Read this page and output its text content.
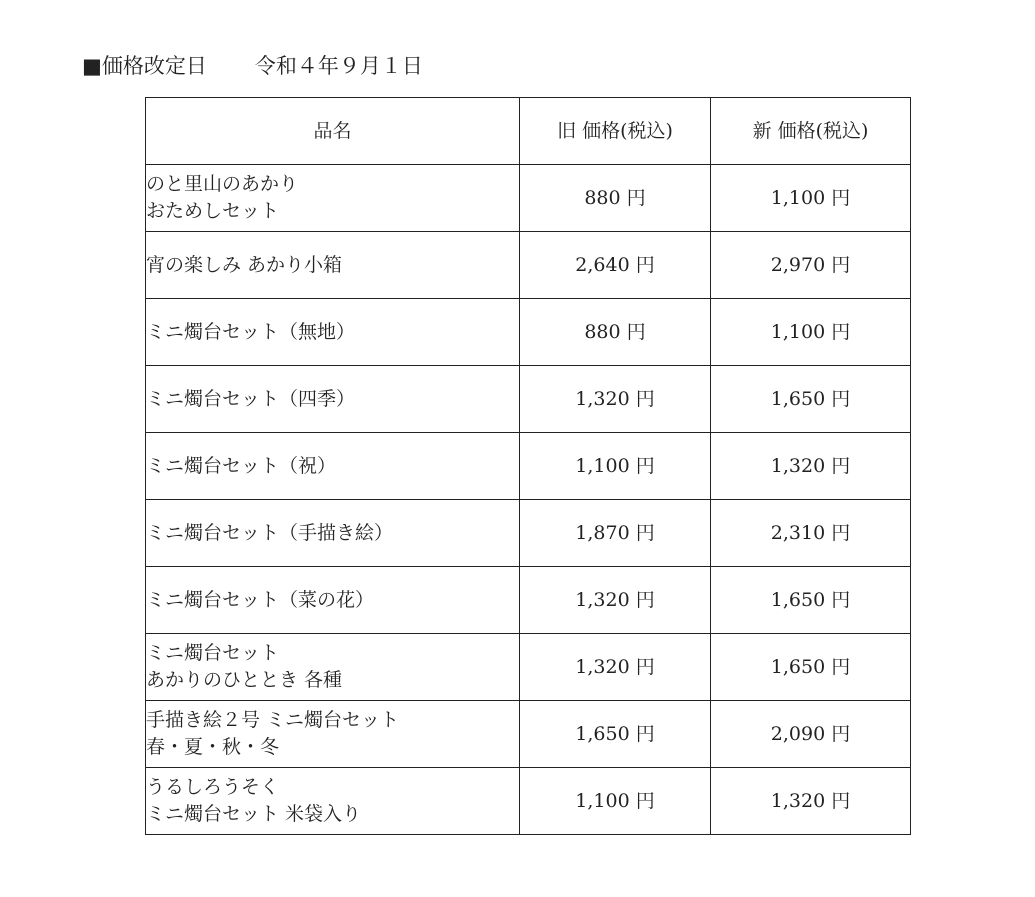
■価格改定日 令和４年９月１日
品名	旧 価格(税込)	新 価格(税込)

のと里山のあかり
おためしセット	880 円	1,100 円

宵の楽しみ あかり小箱	2,640 円	2,970 円

ミニ燭台セット（無地）	880 円	1,100 円

ミニ燭台セット（四季）	1,320 円	1,650 円

ミニ燭台セット（祝）	1,100 円	1,320 円

ミニ燭台セット（手描き絵）	1,870 円	2,310 円

ミニ燭台セット（菜の花）	1,320 円	1,650 円

ミニ燭台セット
あかりのひととき 各種	1,320 円	1,650 円

手描き絵２号 ミニ燭台セット
春・夏・秋・冬	1,650 円	2,090 円

うるしろうそく
ミニ燭台セット 米袋入り	1,100 円	1,320 円
